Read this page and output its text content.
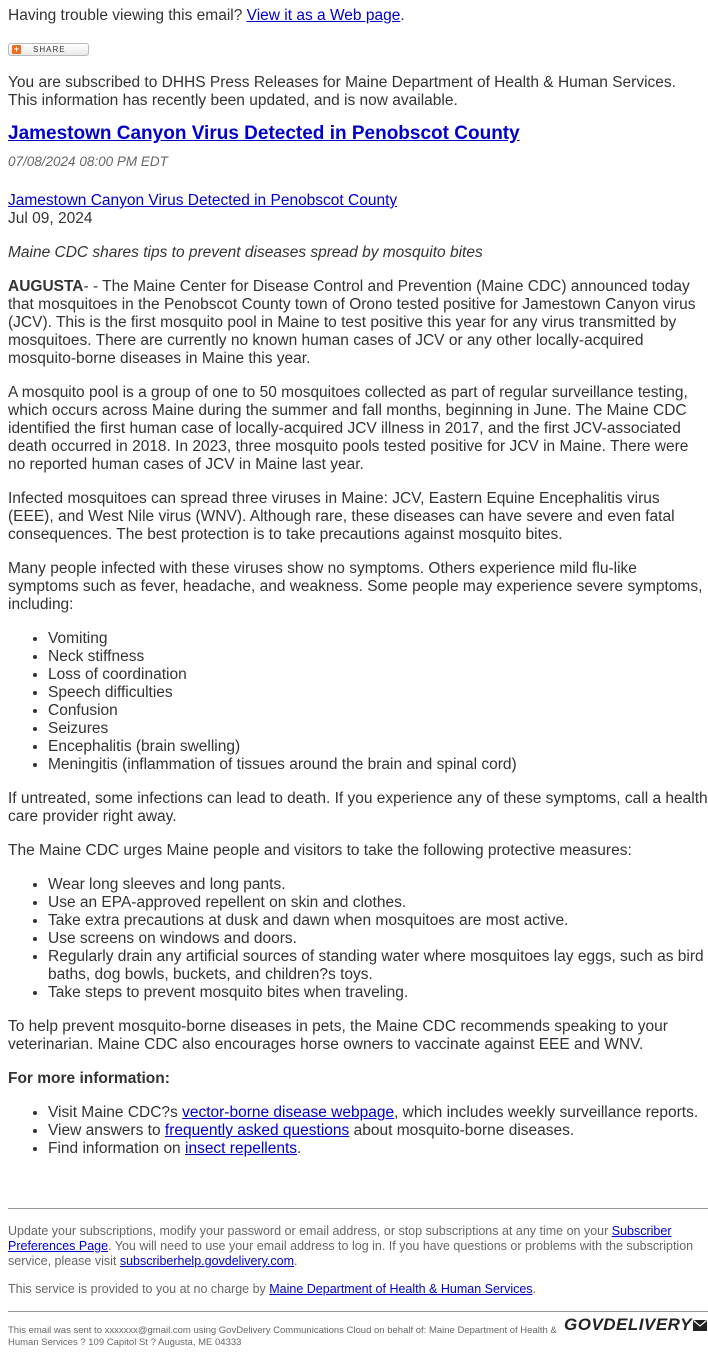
Having trouble viewing this email? View it as a Web page.
+ SHARE
You are subscribed to DHHS Press Releases for Maine Department of Health & Human Services. This information has recently been updated, and is now available.
Jamestown Canyon Virus Detected in Penobscot County
07/08/2024 08:00 PM EDT

Jamestown Canyon Virus Detected in Penobscot County
Jul 09, 2024

Maine CDC shares tips to prevent diseases spread by mosquito bites

AUGUSTA- - The Maine Center for Disease Control and Prevention (Maine CDC) announced today that mosquitoes in the Penobscot County town of Orono tested positive for Jamestown Canyon virus (JCV). This is the first mosquito pool in Maine to test positive this year for any virus transmitted by mosquitoes. There are currently no known human cases of JCV or any other locally-acquired mosquito-borne diseases in Maine this year.

A mosquito pool is a group of one to 50 mosquitoes collected as part of regular surveillance testing, which occurs across Maine during the summer and fall months, beginning in June. The Maine CDC identified the first human case of locally-acquired JCV illness in 2017, and the first JCV-associated death occurred in 2018. In 2023, three mosquito pools tested positive for JCV in Maine. There were no reported human cases of JCV in Maine last year.

Infected mosquitoes can spread three viruses in Maine: JCV, Eastern Equine Encephalitis virus (EEE), and West Nile virus (WNV). Although rare, these diseases can have severe and even fatal consequences. The best protection is to take precautions against mosquito bites.

Many people infected with these viruses show no symptoms. Others experience mild flu-like symptoms such as fever, headache, and weakness. Some people may experience severe symptoms, including:

• Vomiting
• Neck stiffness
• Loss of coordination
• Speech difficulties
• Confusion
• Seizures
• Encephalitis (brain swelling)
• Meningitis (inflammation of tissues around the brain and spinal cord)

If untreated, some infections can lead to death. If you experience any of these symptoms, call a health care provider right away.

The Maine CDC urges Maine people and visitors to take the following protective measures:

• Wear long sleeves and long pants.
• Use an EPA-approved repellent on skin and clothes.
• Take extra precautions at dusk and dawn when mosquitoes are most active.
• Use screens on windows and doors.
• Regularly drain any artificial sources of standing water where mosquitoes lay eggs, such as bird baths, dog bowls, buckets, and children?s toys.
• Take steps to prevent mosquito bites when traveling.

To help prevent mosquito-borne diseases in pets, the Maine CDC recommends speaking to your veterinarian. Maine CDC also encourages horse owners to vaccinate against EEE and WNV.

For more information:

• Visit Maine CDC?s vector-borne disease webpage, which includes weekly surveillance reports.
• View answers to frequently asked questions about mosquito-borne diseases.
• Find information on insect repellents.
Update your subscriptions, modify your password or email address, or stop subscriptions at any time on your Subscriber Preferences Page. You will need to use your email address to log in. If you have questions or problems with the subscription service, please visit subscriberhelp.govdelivery.com.
This service is provided to you at no charge by Maine Department of Health & Human Services.
This email was sent to xxxxxxx@gmail.com using GovDelivery Communications Cloud on behalf of: Maine Department of Health & Human Services ? 109 Capitol St ? Augusta, ME 04333
GOVDELIVERY
